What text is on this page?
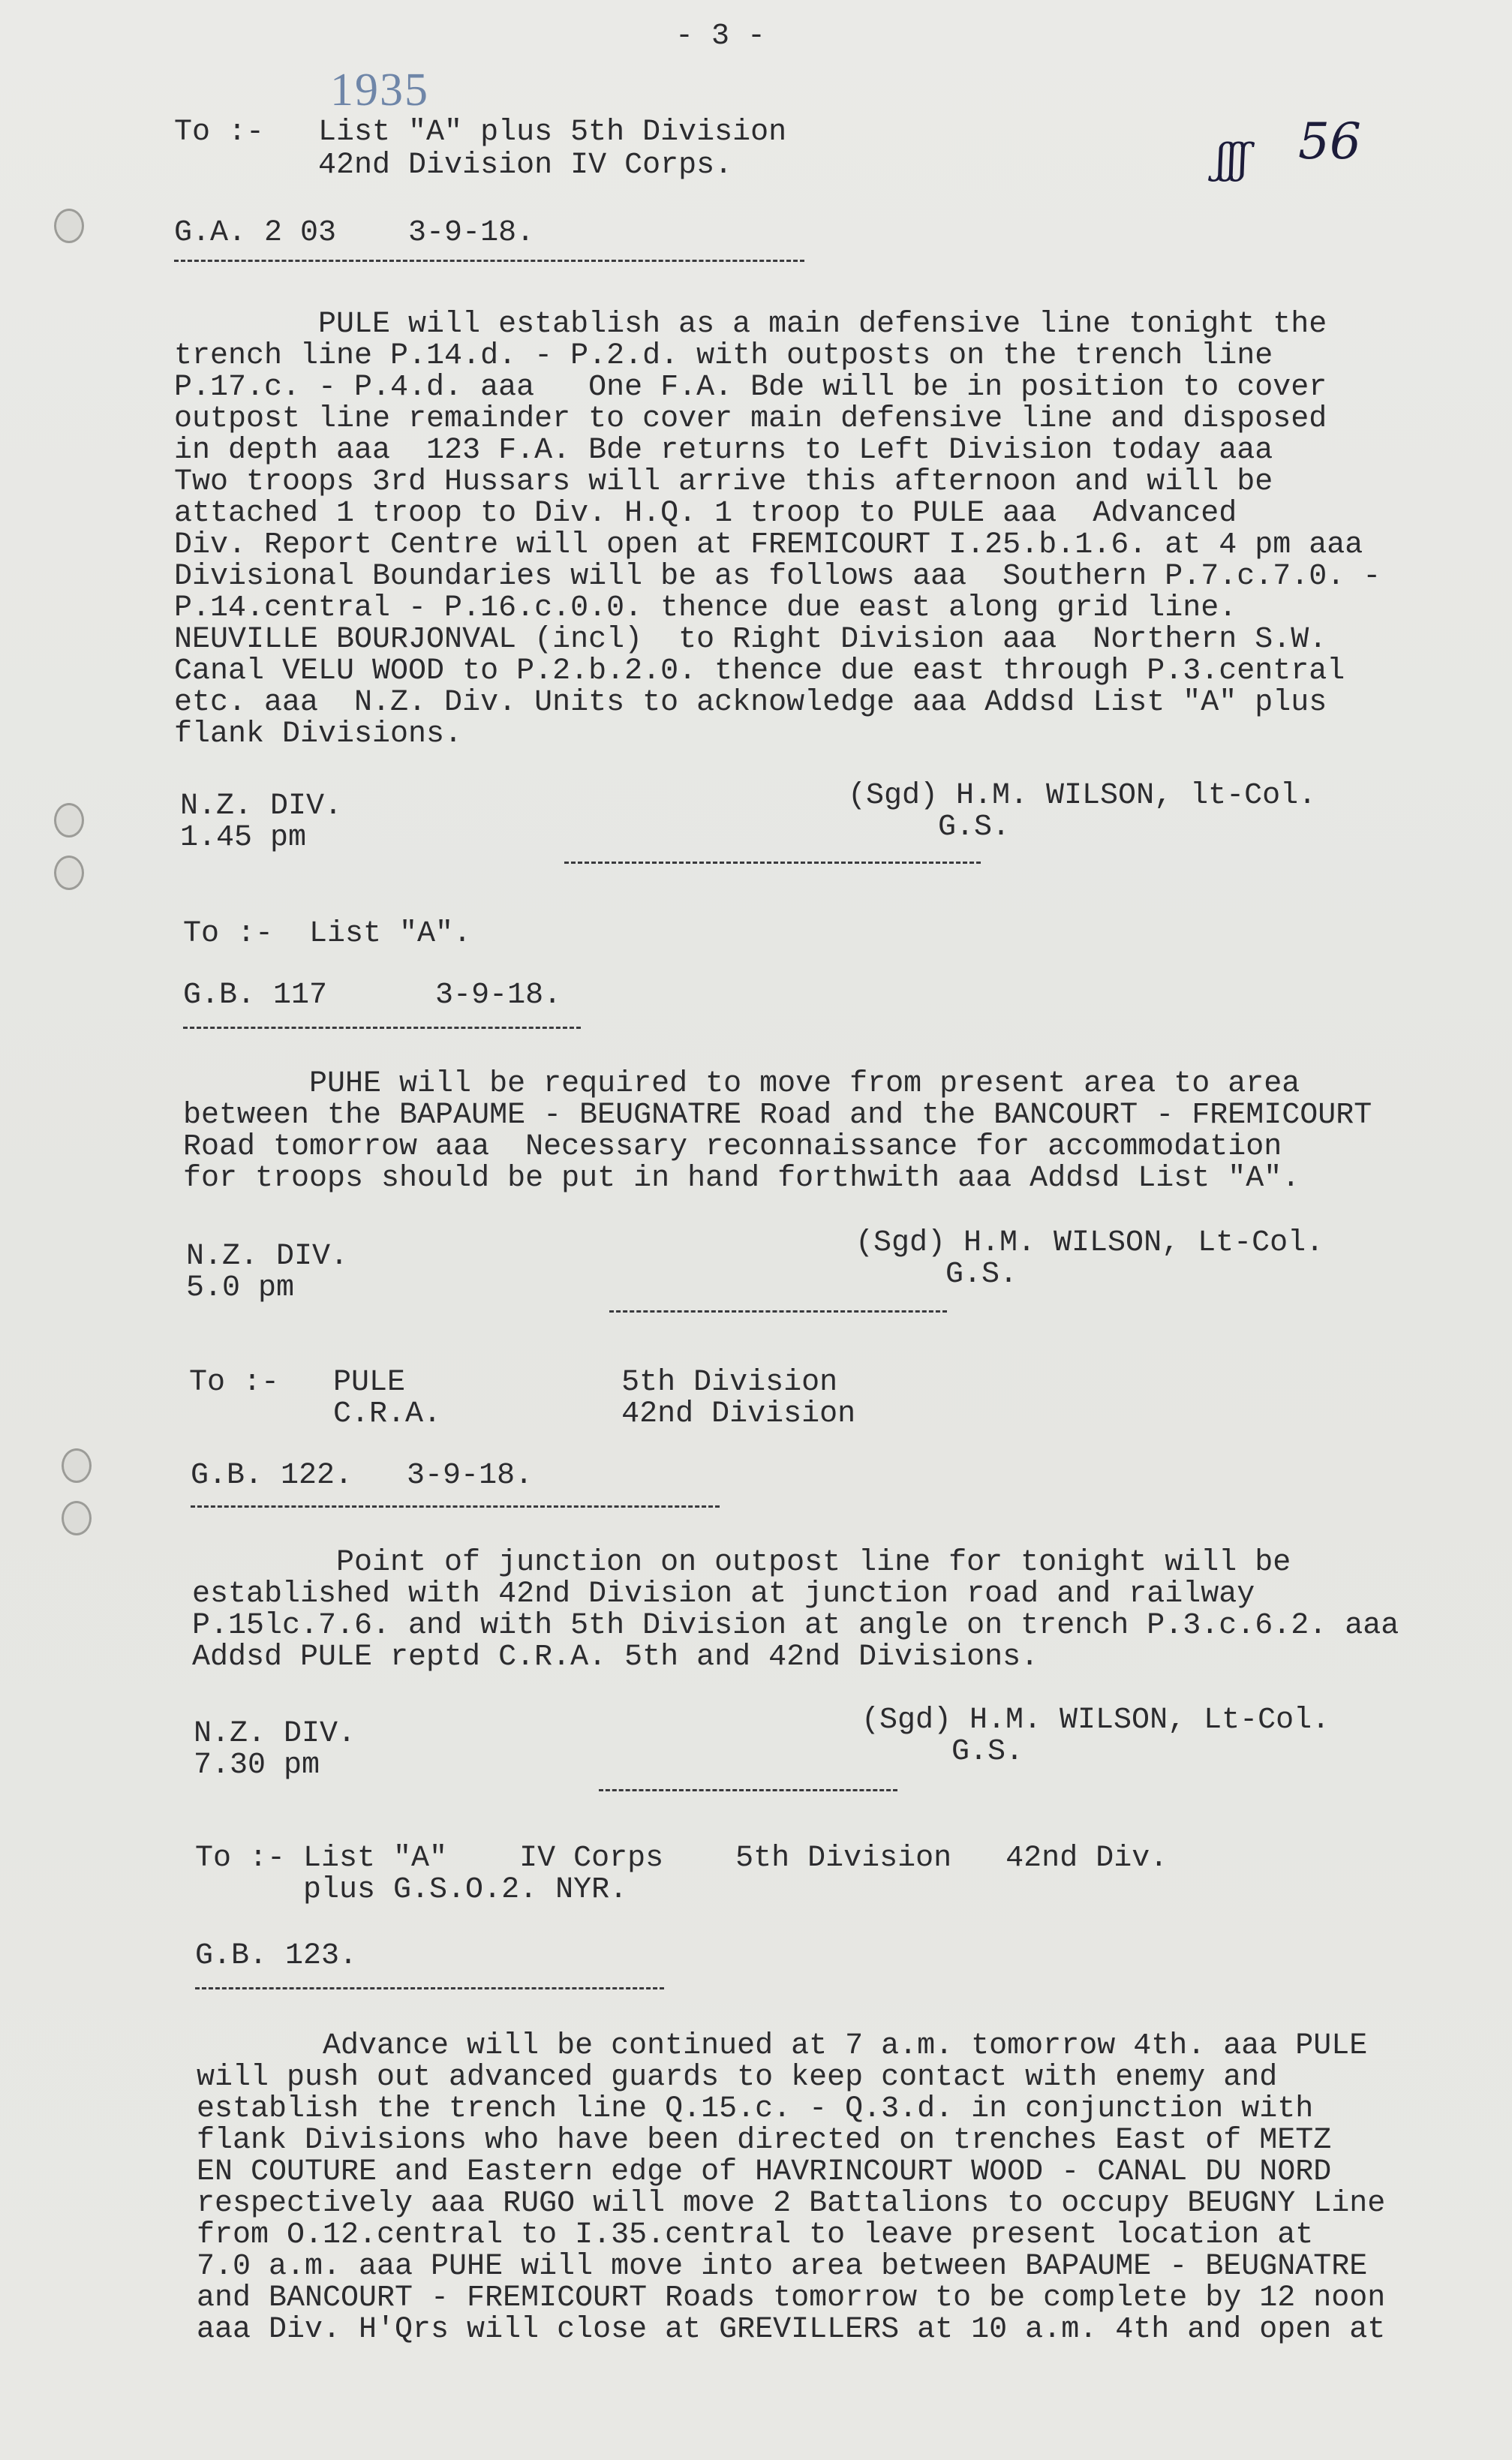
- 3 -
1935
56
ʃʃʃ
To :-   List "A" plus 5th Division
42nd Division IV Corps.
G.A. 2 03    3-9-18.
PULE will establish as a main defensive line tonight the
trench line P.14.d. - P.2.d. with outposts on the trench line
P.17.c. - P.4.d. aaa   One F.A. Bde will be in position to cover
outpost line remainder to cover main defensive line and disposed
in depth aaa  123 F.A. Bde returns to Left Division today aaa
Two troops 3rd Hussars will arrive this afternoon and will be
attached 1 troop to Div. H.Q. 1 troop to PULE aaa  Advanced
Div. Report Centre will open at FREMICOURT I.25.b.1.6. at 4 pm aaa
Divisional Boundaries will be as follows aaa  Southern P.7.c.7.0. -
P.14.central - P.16.c.0.0. thence due east along grid line.
NEUVILLE BOURJONVAL (incl)  to Right Division aaa  Northern S.W.
Canal VELU WOOD to P.2.b.2.0. thence due east through P.3.central
etc. aaa  N.Z. Div. Units to acknowledge aaa Addsd List "A" plus
flank Divisions.
N.Z. DIV.
1.45 pm
(Sgd) H.M. WILSON, lt-Col.
G.S.
To :-  List "A".
G.B. 117      3-9-18.
PUHE will be required to move from present area to area
between the BAPAUME - BEUGNATRE Road and the BANCOURT - FREMICOURT
Road tomorrow aaa  Necessary reconnaissance for accommodation
for troops should be put in hand forthwith aaa Addsd List "A".
N.Z. DIV.
5.0 pm
(Sgd) H.M. WILSON, Lt-Col.
G.S.
To :-   PULE            5th Division
C.R.A.          42nd Division
G.B. 122.   3-9-18.
Point of junction on outpost line for tonight will be
established with 42nd Division at junction road and railway
P.15lc.7.6. and with 5th Division at angle on trench P.3.c.6.2. aaa
Addsd PULE reptd C.R.A. 5th and 42nd Divisions.
N.Z. DIV.
7.30 pm
(Sgd) H.M. WILSON, Lt-Col.
G.S.
To :- List "A"    IV Corps    5th Division   42nd Div.
plus G.S.O.2. NYR.
G.B. 123.
Advance will be continued at 7 a.m. tomorrow 4th. aaa PULE
will push out advanced guards to keep contact with enemy and
establish the trench line Q.15.c. - Q.3.d. in conjunction with
flank Divisions who have been directed on trenches East of METZ
EN COUTURE and Eastern edge of HAVRINCOURT WOOD - CANAL DU NORD
respectively aaa RUGO will move 2 Battalions to occupy BEUGNY Line
from O.12.central to I.35.central to leave present location at
7.0 a.m. aaa PUHE will move into area between BAPAUME - BEUGNATRE
and BANCOURT - FREMICOURT Roads tomorrow to be complete by 12 noon
aaa Div. H'Qrs will close at GREVILLERS at 10 a.m. 4th and open at
